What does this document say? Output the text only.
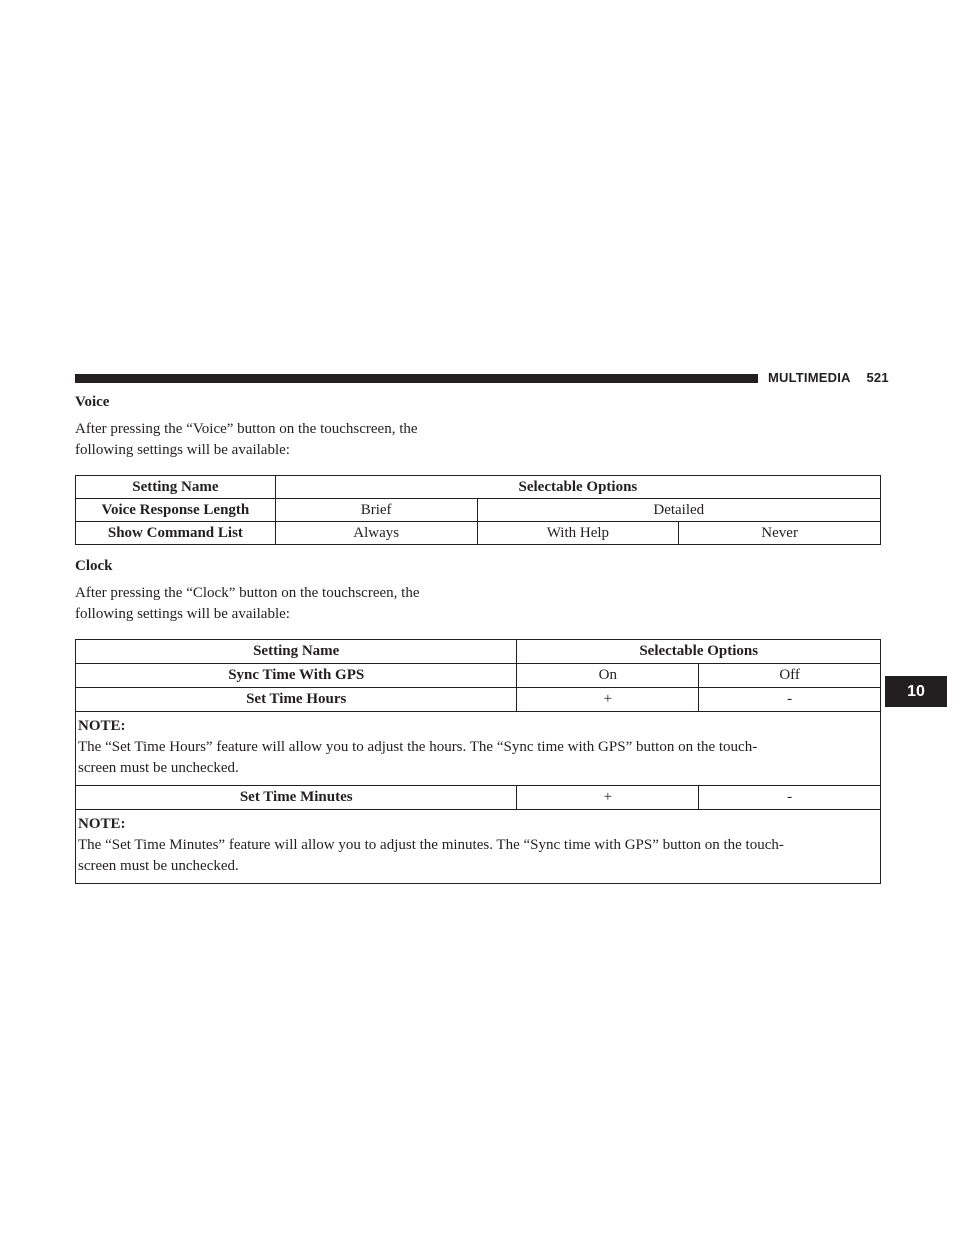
MULTIMEDIA 521
10
Voice
After pressing the “Voice” button on the touchscreen, the
following settings will be available:
Setting Name	Selectable Options		
Voice Response Length	Brief	Detailed	
Show Command List	Always	With Help	Never
Clock
After pressing the “Clock” button on the touchscreen, the
following settings will be available:
Setting Name	Selectable Options	
Sync Time With GPS	On	Off
Set Time Hours	+	-

NOTE:
The “Set Time Hours” feature will allow you to adjust the hours. The “Sync time with GPS” button on the touch-
screen must be unchecked.		

Set Time Minutes	+	-

NOTE:
The “Set Time Minutes” feature will allow you to adjust the minutes. The “Sync time with GPS” button on the touch-
screen must be unchecked.		
